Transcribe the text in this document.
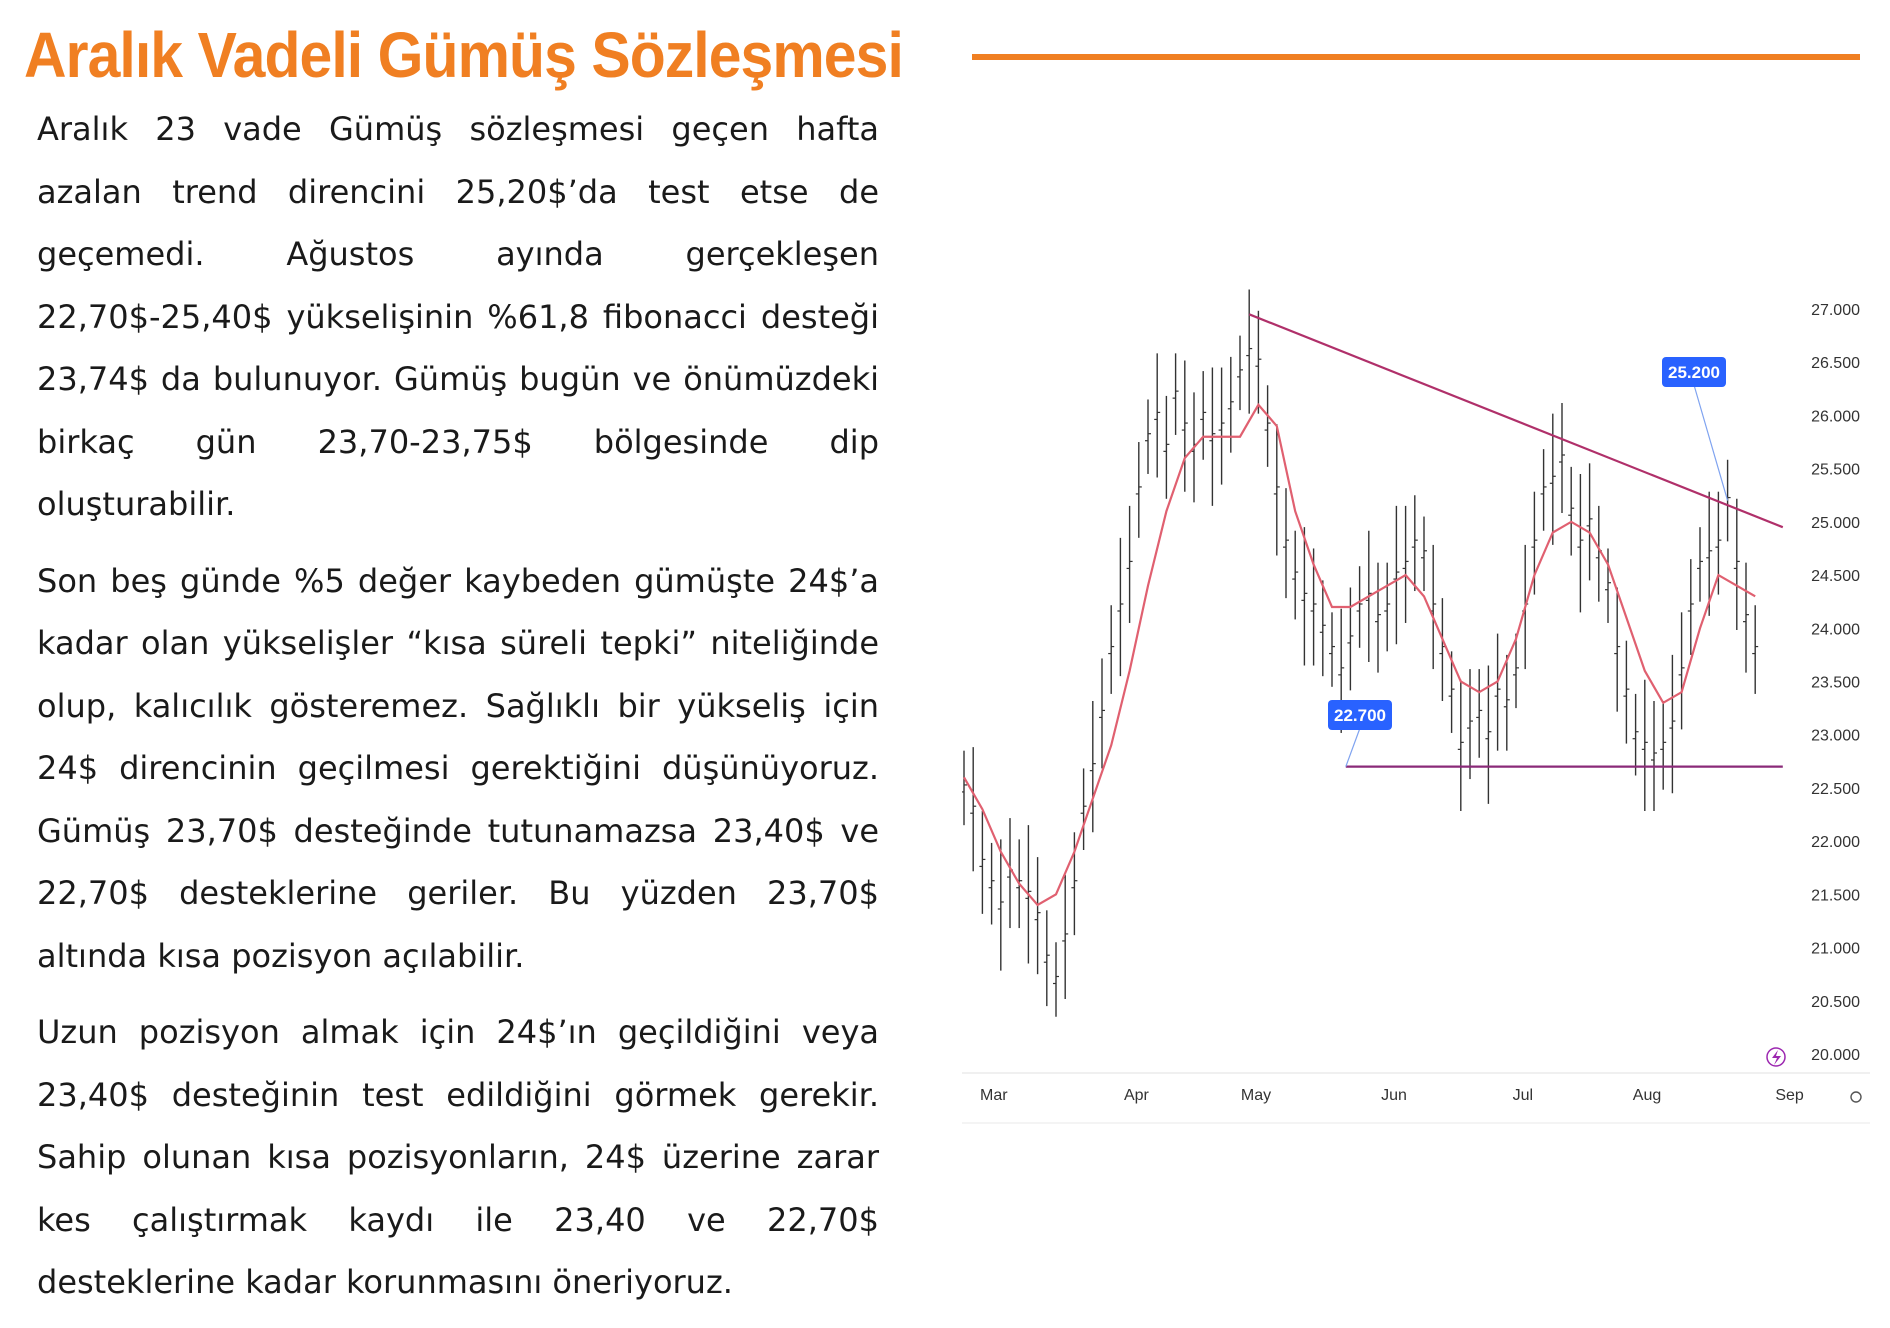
Aralık Vadeli Gümüş Sözleşmesi

Aralık 23 vade Gümüş sözleşmesi geçen hafta azalan trend direncini 25,20$’da test etse de geçemedi. Ağustos ayında gerçekleşen 22,70$-25,40$ yükselişinin %61,8 fibonacci desteği 23,74$ da bulunuyor. Gümüş bugün ve önümüzdeki birkaç gün 23,70-23,75$ bölgesinde dip oluşturabilir.

Son beş günde %5 değer kaybeden gümüşte 24$’a kadar olan yükselişler “kısa süreli tepki” niteliğinde olup, kalıcılık gösteremez. Sağlıklı bir yükseliş için 24$ direncinin geçilmesi gerektiğini düşünüyoruz. Gümüş 23,70$ desteğinde tutunamazsa 23,40$ ve 22,70$ desteklerine geriler. Bu yüzden 23,70$ altında kısa pozisyon açılabilir.

Uzun pozisyon almak için 24$’ın geçildiğini veya 23,40$ desteğinin test edildiğini görmek gerekir. Sahip olunan kısa pozisyonların, 24$ üzerine zarar kes çalıştırmak kaydı ile 23,40 ve 22,70$ desteklerine kadar korunmasını öneriyoruz.

25.200
22.700
27.000
26.500
26.000
25.500
25.000
24.500
24.000
23.500
23.000
22.500
22.000
21.500
21.000
20.500
20.000
Mar	Apr	May	Jun	Jul	Aug	Sep
